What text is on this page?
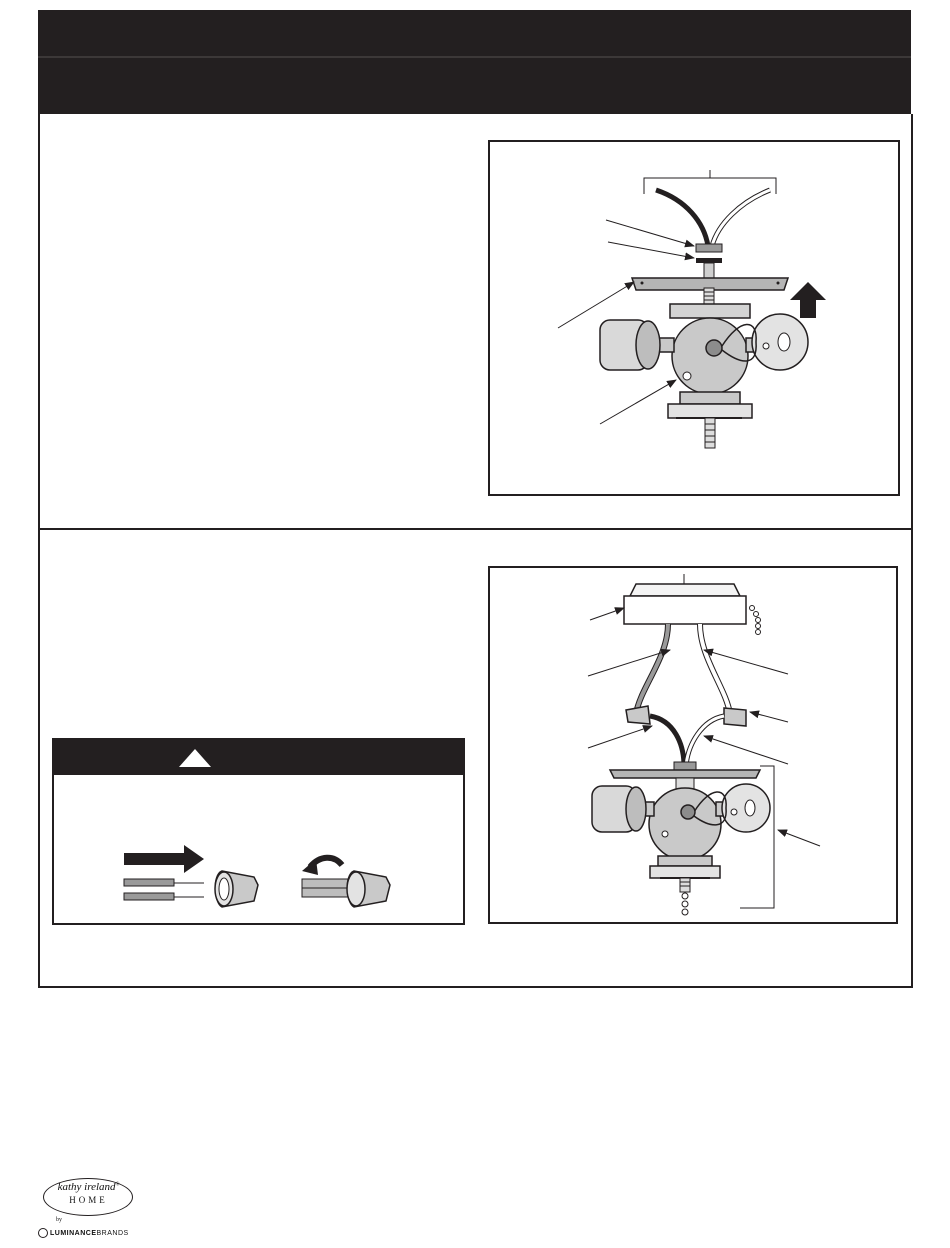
kathy ireland®
HOME
by
LUMINANCEBRANDS
